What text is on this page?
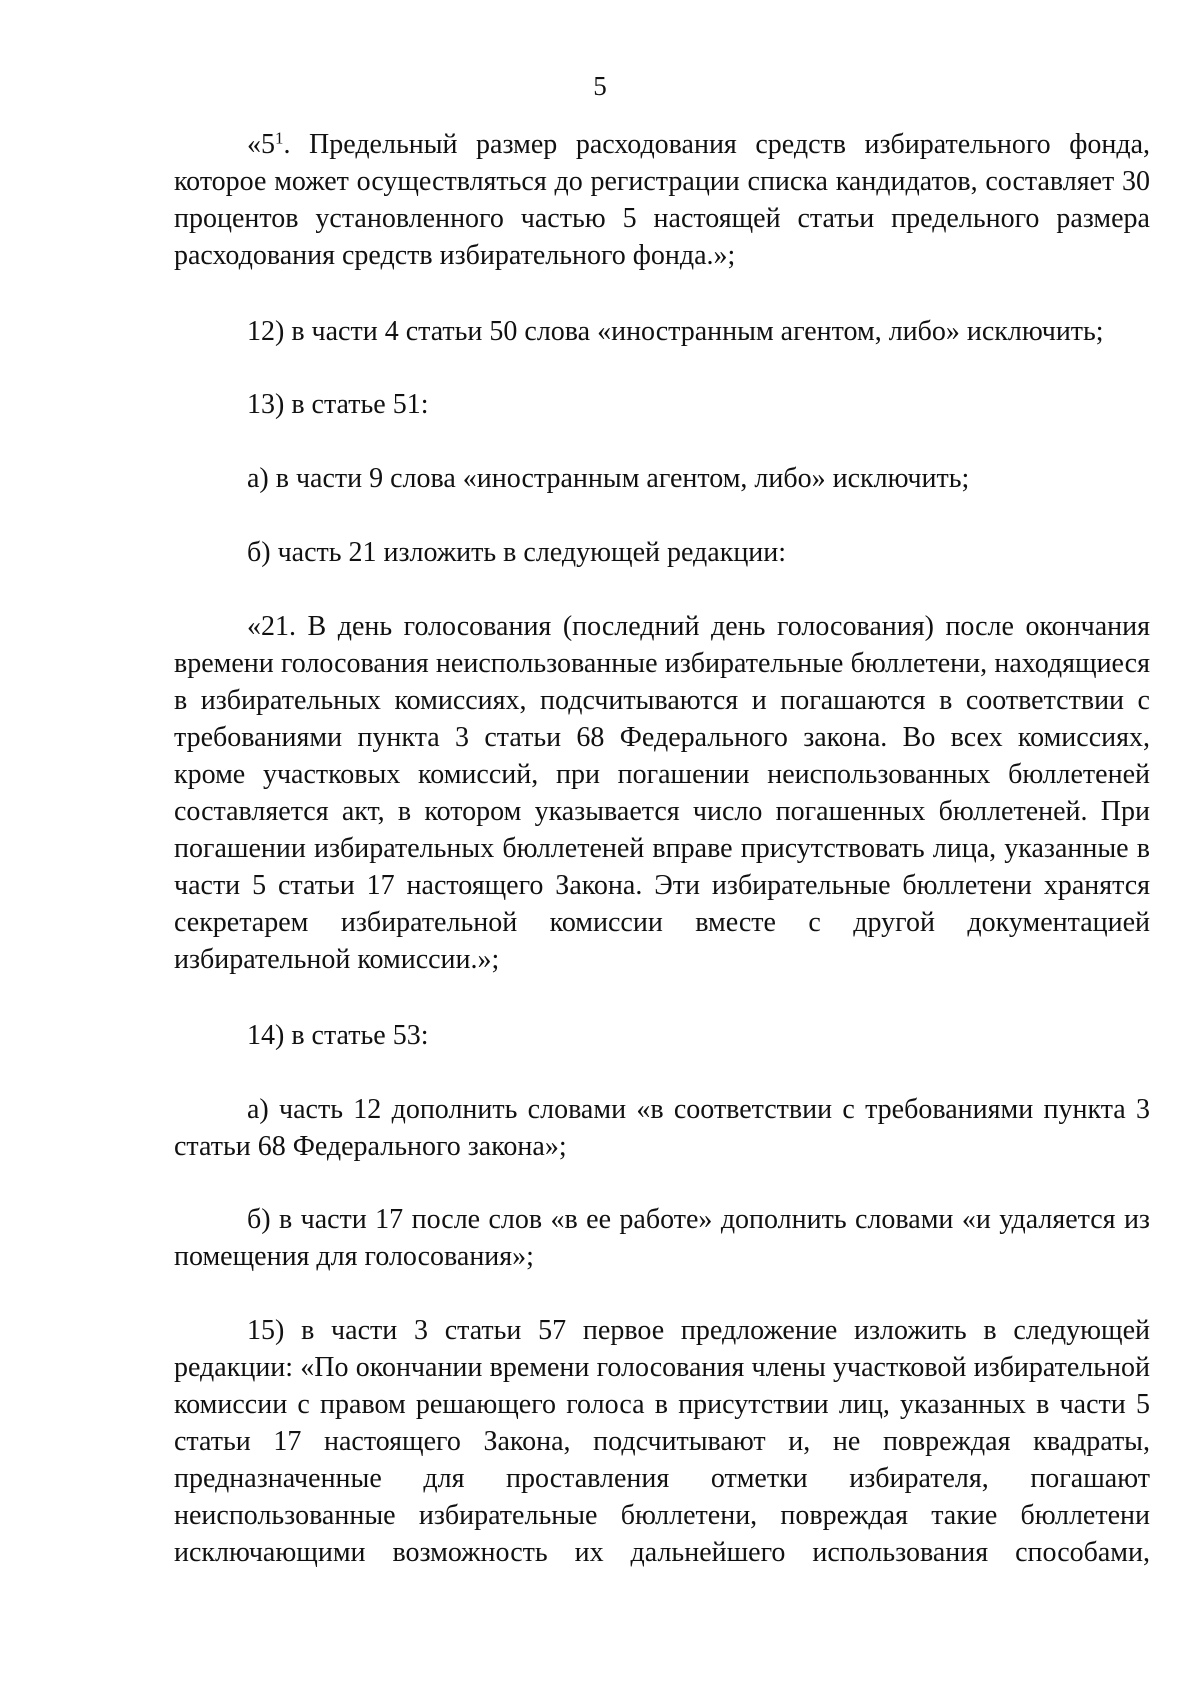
5

«$5^1$. Предельный размер расходования средств избирательного фонда, которое может осуществляться до регистрации списка кандидатов, составляет 30 процентов установленного частью 5 настоящей статьи предельного размера расходования средств избирательного фонда.»;

12) в части 4 статьи 50 слова «иностранным агентом, либо» исключить;

13) в статье 51:

а) в части 9 слова «иностранным агентом, либо» исключить;

б) часть 21 изложить в следующей редакции:

«21. В день голосования (последний день голосования) после окончания времени голосования неиспользованные избирательные бюллетени, находящиеся в избирательных комиссиях, подсчитываются и погашаются в соответствии с требованиями пункта 3 статьи 68 Федерального закона. Во всех комиссиях, кроме участковых комиссий, при погашении неиспользованных бюллетеней составляется акт, в котором указывается число погашенных бюллетеней. При погашении избирательных бюллетеней вправе присутствовать лица, указанные в части 5 статьи 17 настоящего Закона. Эти избирательные бюллетени хранятся секретарем избирательной комиссии вместе с другой документацией избирательной комиссии.»;

14) в статье 53:

а) часть 12 дополнить словами «в соответствии с требованиями пункта 3 статьи 68 Федерального закона»;

б) в части 17 после слов «в ее работе» дополнить словами «и удаляется из помещения для голосования»;

15) в части 3 статьи 57 первое предложение изложить в следующей редакции: «По окончании времени голосования члены участковой избирательной комиссии с правом решающего голоса в присутствии лиц, указанных в части 5 статьи 17 настоящего Закона, подсчитывают и, не повреждая квадраты, предназначенные для проставления отметки избирателя, погашают неиспользованные избирательные бюллетени, повреждая такие бюллетени исключающими возможность их дальнейшего использования способами,
